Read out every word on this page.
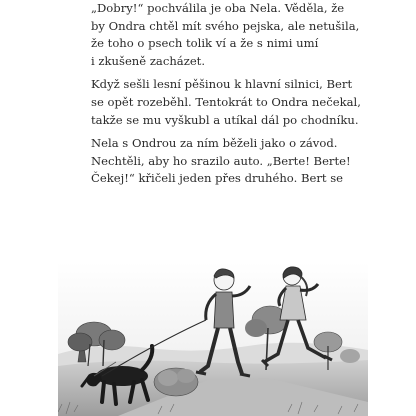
„Dobry!“ pochválila je oba Nela. Věděla, že
by Ondra chtěl mít svého pejska, ale netušila,
že toho o psech tolik ví a že s nimi umí
i zkušeně zacházet.

Když sešli lesní pěšinou k hlavní silnici, Bert
se opět rozeběhl. Tentokrát to Ondra nečekal,
takže se mu vyškubl a utíkal dál po chodníku.

Nela s Ondrou za ním běželi jako o závod.
Nechtěli, aby ho srazilo auto. „Berte! Berte!
Čekej!“ křičeli jeden přes druhého. Bert se
